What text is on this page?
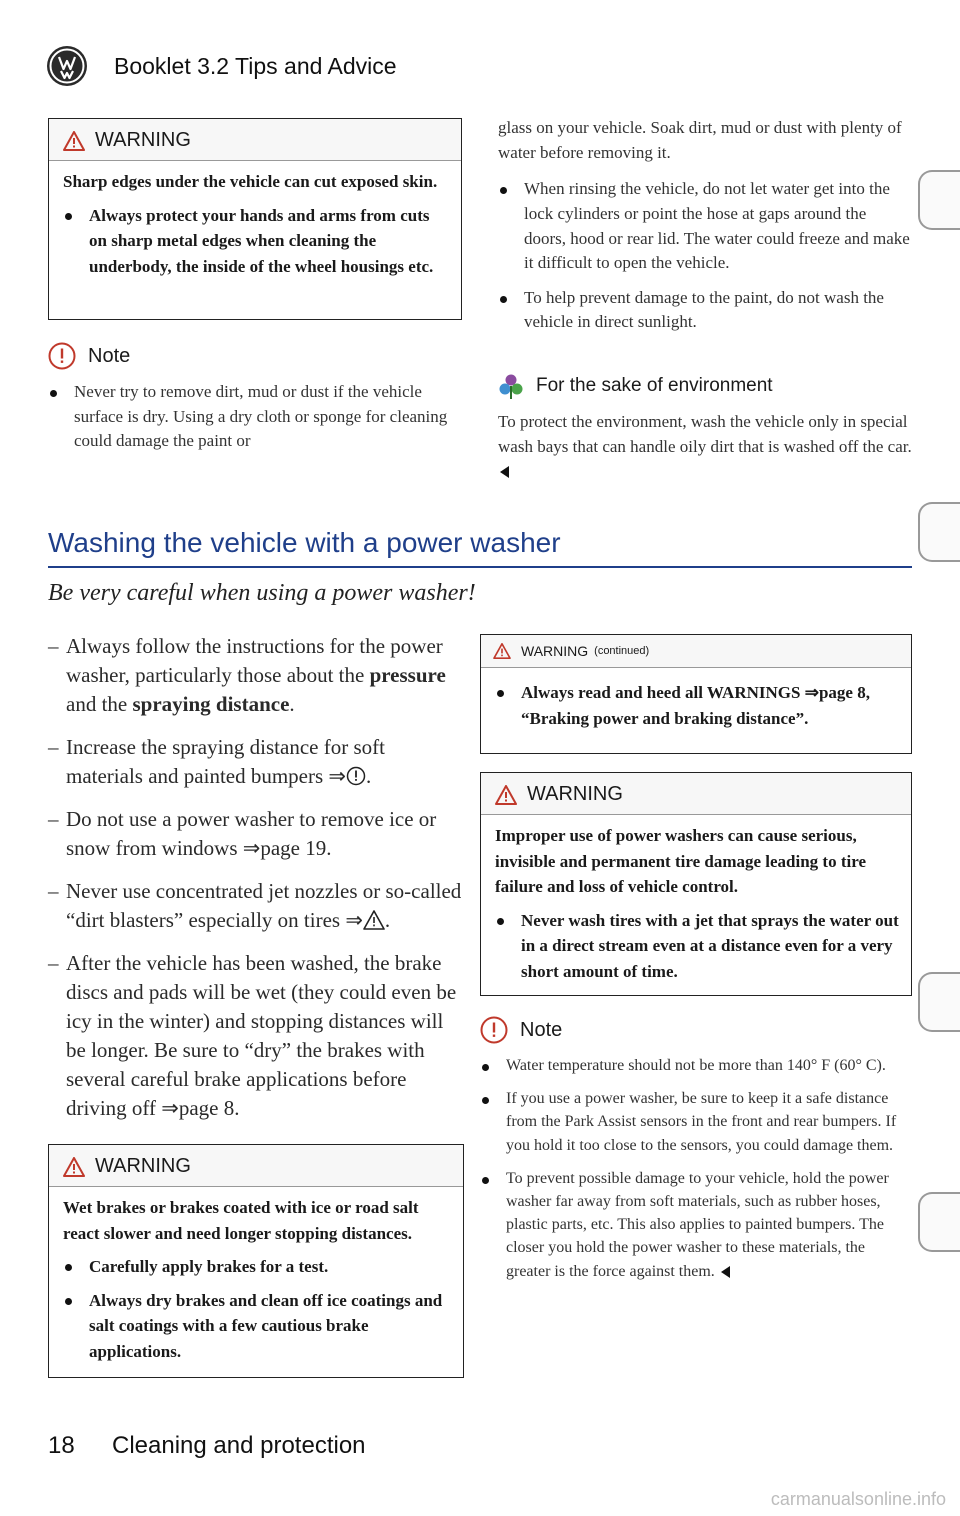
Booklet 3.2 Tips and Advice
WARNING

Sharp edges under the vehicle can cut exposed skin.

Always protect your hands and arms from cuts on sharp metal edges when cleaning the underbody, the inside of the wheel housings etc.
Note
Never try to remove dirt, mud or dust if the vehicle surface is dry. Using a dry cloth or sponge for cleaning could damage the paint or

glass on your vehicle. Soak dirt, mud or dust with plenty of water before removing it.

When rinsing the vehicle, do not let water get into the lock cylinders or point the hose at gaps around the doors, hood or rear lid. The water could freeze and make it difficult to open the vehicle.
To help prevent damage to the paint, do not wash the vehicle in direct sunlight.
For the sake of environment
To protect the environment, wash the vehicle only in special wash bays that can handle oily dirt that is washed off the car.
Washing the vehicle with a power washer
Be very careful when using a power washer!
– Always follow the instructions for the power washer, particularly those about the pressure and the spraying distance.
– Increase the spraying distance for soft materials and painted bumpers ⇒ .
– Do not use a power washer to remove ice or snow from windows ⇒page 19.
– Never use concentrated jet nozzles or so-called “dirt blasters” especially on tires ⇒ .
– After the vehicle has been washed, the brake discs and pads will be wet (they could even be icy in the winter) and stopping distances will be longer. Be sure to “dry” the brakes with several careful brake applications before driving off ⇒page 8.
WARNING

Wet brakes or brakes coated with ice or road salt react slower and need longer stopping distances.

Carefully apply brakes for a test.
Always dry brakes and clean off ice coatings and salt coatings with a few cautious brake applications.
WARNING (continued)
Always read and heed all WARNINGS ⇒page 8, “Braking power and braking distance”.
WARNING

Improper use of power washers can cause serious, invisible and permanent tire damage leading to tire failure and loss of vehicle control.

Never wash tires with a jet that sprays the water out in a direct stream even at a distance even for a very short amount of time.
Note
Water temperature should not be more than 140° F (60° C).
If you use a power washer, be sure to keep it a safe distance from the Park Assist sensors in the front and rear bumpers. If you hold it too close to the sensors, you could damage them.
To prevent possible damage to your vehicle, hold the power washer far away from soft materials, such as rubber hoses, plastic parts, etc. This also applies to painted bumpers. The closer you hold the power washer to these materials, the greater is the force against them.
18 Cleaning and protection
carmanualsonline.info
